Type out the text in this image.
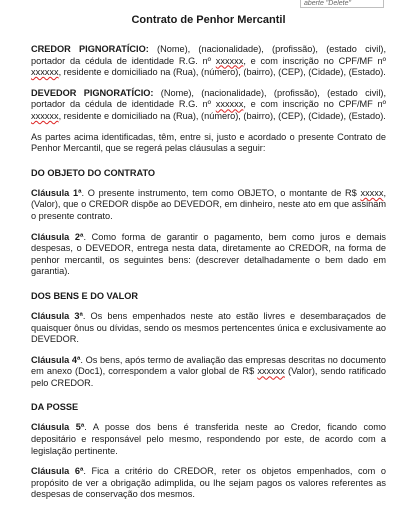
aberte "Delete"
Contrato de Penhor Mercantil

CREDOR PIGNORATÍCIO: (Nome), (nacionalidade), (profissão), (estado civil), portador da cédula de identidade R.G. nº xxxxxx, e com inscrição no CPF/MF nº xxxxxx, residente e domiciliado na (Rua), (número), (bairro), (CEP), (Cidade), (Estado).

DEVEDOR PIGNORATÍCIO: (Nome), (nacionalidade), (profissão), (estado civil), portador da cédula de identidade R.G. nº xxxxxx, e com inscrição no CPF/MF nº xxxxxx, residente e domiciliado na (Rua), (número), (bairro), (CEP), (Cidade), (Estado).

As partes acima identificadas, têm, entre si, justo e acordado o presente Contrato de Penhor Mercantil, que se regerá pelas cláusulas a seguir:

DO OBJETO DO CONTRATO

Cláusula 1ª. O presente instrumento, tem como OBJETO, o montante de R$ xxxxx, (Valor), que o CREDOR dispõe ao DEVEDOR, em dinheiro, neste ato em que assinam o presente contrato.

Cláusula 2ª. Como forma de garantir o pagamento, bem como juros e demais despesas, o DEVEDOR, entrega nesta data, diretamente ao CREDOR, na forma de penhor mercantil, os seguintes bens: (descrever detalhadamente o bem dado em garantia).

DOS BENS E DO VALOR

Cláusula 3ª. Os bens empenhados neste ato estão livres e desembaraçados de quaisquer ônus ou dívidas, sendo os mesmos pertencentes única e exclusivamente ao DEVEDOR.

Cláusula 4ª. Os bens, após termo de avaliação das empresas descritas no documento em anexo (Doc1), correspondem a valor global de R$ xxxxxx (Valor), sendo ratificado pelo CREDOR.

DA POSSE

Cláusula 5ª. A posse dos bens é transferida neste ao Credor, ficando como depositário e responsável pelo mesmo, respondendo por este, de acordo com a legislação pertinente.

Cláusula 6ª. Fica a critério do CREDOR, reter os objetos empenhados, com o propósito de ver a obrigação adimplida, ou lhe sejam pagos os valores referentes as despesas de conservação dos mesmos.
